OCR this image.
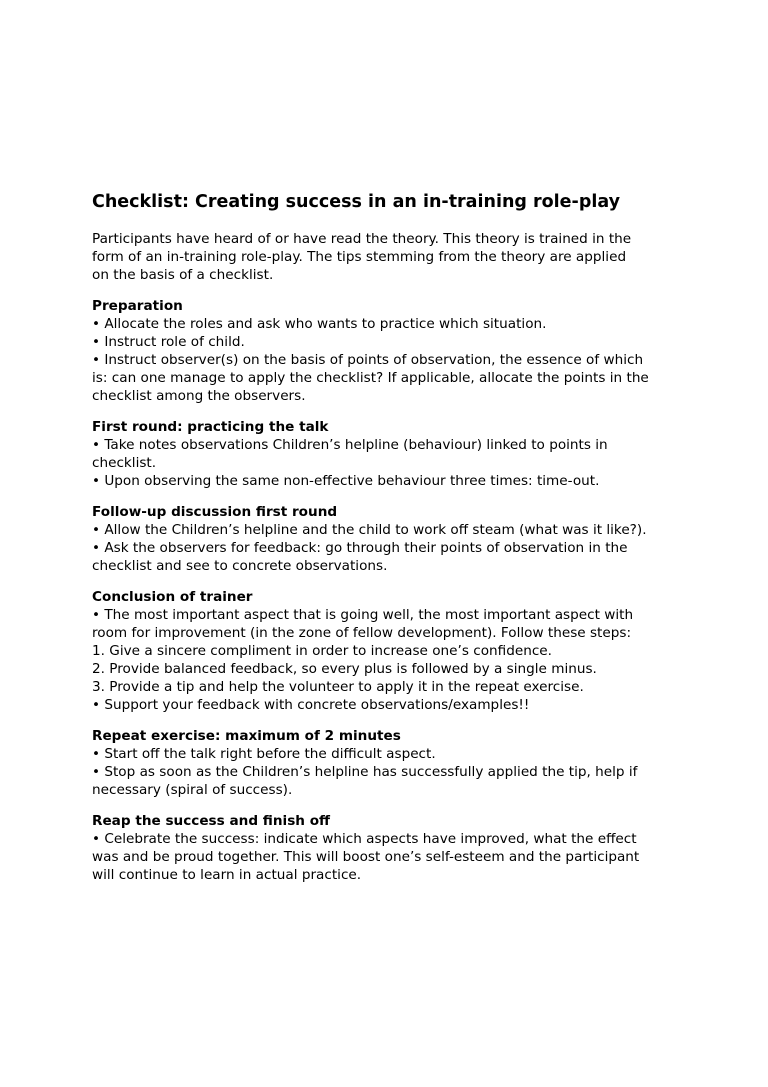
Checklist: Creating success in an in-training role-play
Participants have heard of or have read the theory. This theory is trained in the
form of an in-training role-play. The tips stemming from the theory are applied
on the basis of a checklist.
Preparation
• Allocate the roles and ask who wants to practice which situation.
• Instruct role of child.
• Instruct observer(s) on the basis of points of observation, the essence of which
is: can one manage to apply the checklist? If applicable, allocate the points in the
checklist among the observers.
First round: practicing the talk
• Take notes observations Children’s helpline (behaviour) linked to points in
checklist.
• Upon observing the same non-effective behaviour three times: time-out.
Follow-up discussion first round
• Allow the Children’s helpline and the child to work off steam (what was it like?).
• Ask the observers for feedback: go through their points of observation in the
checklist and see to concrete observations.
Conclusion of trainer
• The most important aspect that is going well, the most important aspect with
room for improvement (in the zone of fellow development). Follow these steps:
1. Give a sincere compliment in order to increase one’s confidence.
2. Provide balanced feedback, so every plus is followed by a single minus.
3. Provide a tip and help the volunteer to apply it in the repeat exercise.
• Support your feedback with concrete observations/examples!!
Repeat exercise: maximum of 2 minutes
• Start off the talk right before the difficult aspect.
• Stop as soon as the Children’s helpline has successfully applied the tip, help if
necessary (spiral of success).
Reap the success and finish off
• Celebrate the success: indicate which aspects have improved, what the effect
was and be proud together. This will boost one’s self-esteem and the participant
will continue to learn in actual practice.
